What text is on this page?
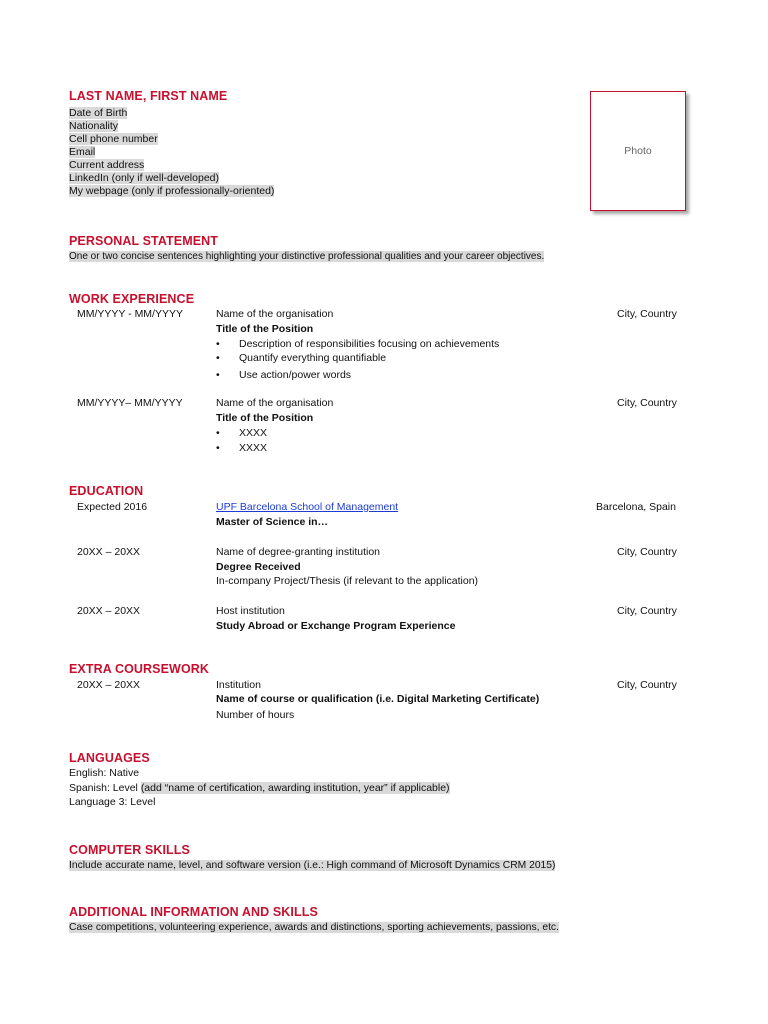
LAST NAME, FIRST NAME
Date of Birth
Nationality
Cell phone number
Email
Current address
LinkedIn (only if well-developed)
My webpage (only if professionally-oriented)
Photo
PERSONAL STATEMENT
One or two concise sentences highlighting your distinctive professional qualities and your career objectives.
WORK EXPERIENCE
MM/YYYY - MM/YYYY	Name of the organisation	City, Country
Title of the Position
• Description of responsibilities focusing on achievements
• Quantify everything quantifiable
• Use action/power words
MM/YYYY– MM/YYYY	Name of the organisation	City, Country
Title of the Position
• XXXX
• XXXX
EDUCATION
Expected 2016	UPF Barcelona School of Management	Barcelona, Spain
Master of Science in…
20XX – 20XX	Name of degree-granting institution	City, Country
Degree Received
In-company Project/Thesis (if relevant to the application)
20XX – 20XX	Host institution	City, Country
Study Abroad or Exchange Program Experience
EXTRA COURSEWORK
20XX – 20XX	Institution	City, Country
Name of course or qualification (i.e. Digital Marketing Certificate)
Number of hours
LANGUAGES
English: Native
Spanish: Level (add “name of certification, awarding institution, year” if applicable)
Language 3: Level
COMPUTER SKILLS
Include accurate name, level, and software version (i.e.: High command of Microsoft Dynamics CRM 2015)
ADDITIONAL INFORMATION AND SKILLS
Case competitions, volunteering experience, awards and distinctions, sporting achievements, passions, etc.
